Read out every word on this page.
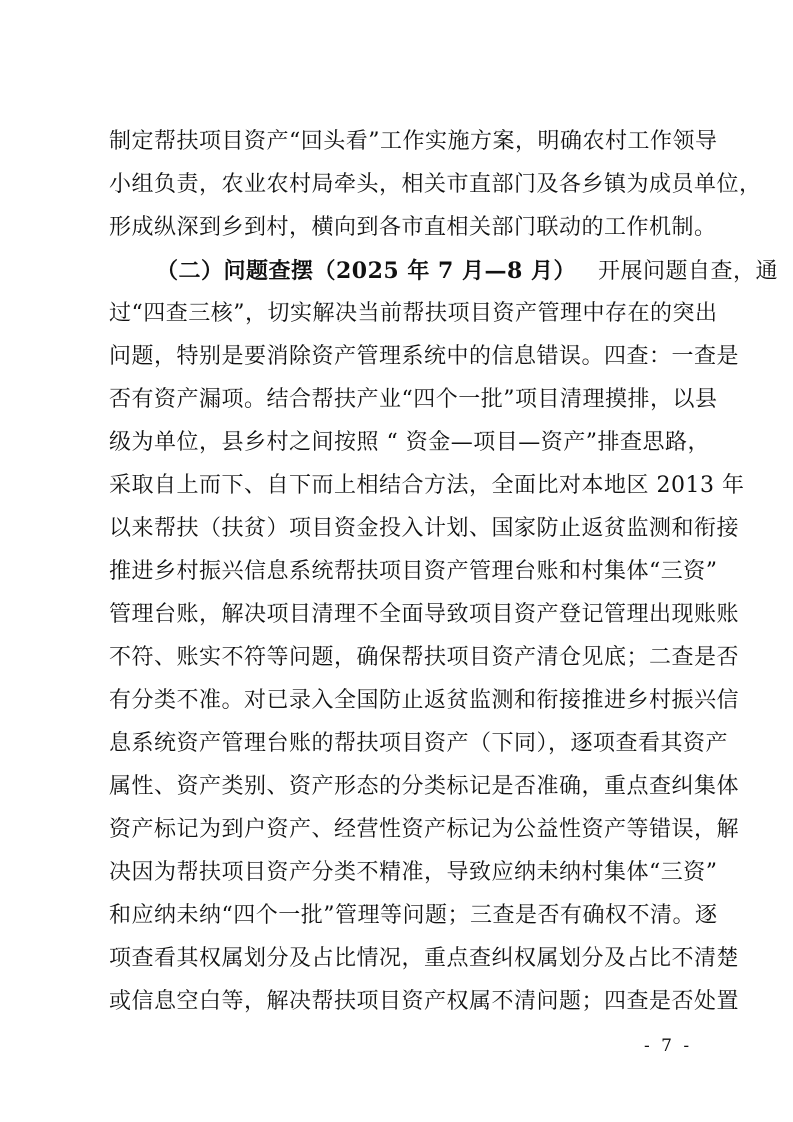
制定帮扶项目资产“回头看”工作实施方案，明确农村工作领导
小组负责，农业农村局牵头，相关市直部门及各乡镇为成员单位，
形成纵深到乡到村，横向到各市直相关部门联动的工作机制。
（二）问题查摆（2025 年 7 月—8 月） 开展问题自查，通
过“四查三核”，切实解决当前帮扶项目资产管理中存在的突出
问题，特别是要消除资产管理系统中的信息错误。四查：一查是
否有资产漏项。结合帮扶产业“四个一批”项目清理摸排，以县
级为单位，县乡村之间按照 “ 资金—项目—资产”排查思路，
采取自上而下、自下而上相结合方法，全面比对本地区 2013 年
以来帮扶（扶贫）项目资金投入计划、国家防止返贫监测和衔接
推进乡村振兴信息系统帮扶项目资产管理台账和村集体“三资”
管理台账，解决项目清理不全面导致项目资产登记管理出现账账
不符、账实不符等问题，确保帮扶项目资产清仓见底；二查是否
有分类不准。对已录入全国防止返贫监测和衔接推进乡村振兴信
息系统资产管理台账的帮扶项目资产（下同），逐项查看其资产
属性、资产类别、资产形态的分类标记是否准确，重点查纠集体
资产标记为到户资产、经营性资产标记为公益性资产等错误，解
决因为帮扶项目资产分类不精准，导致应纳未纳村集体“三资”
和应纳未纳“四个一批”管理等问题；三查是否有确权不清。逐
项查看其权属划分及占比情况，重点查纠权属划分及占比不清楚
或信息空白等，解决帮扶项目资产权属不清问题；四查是否处置
- 7 -
